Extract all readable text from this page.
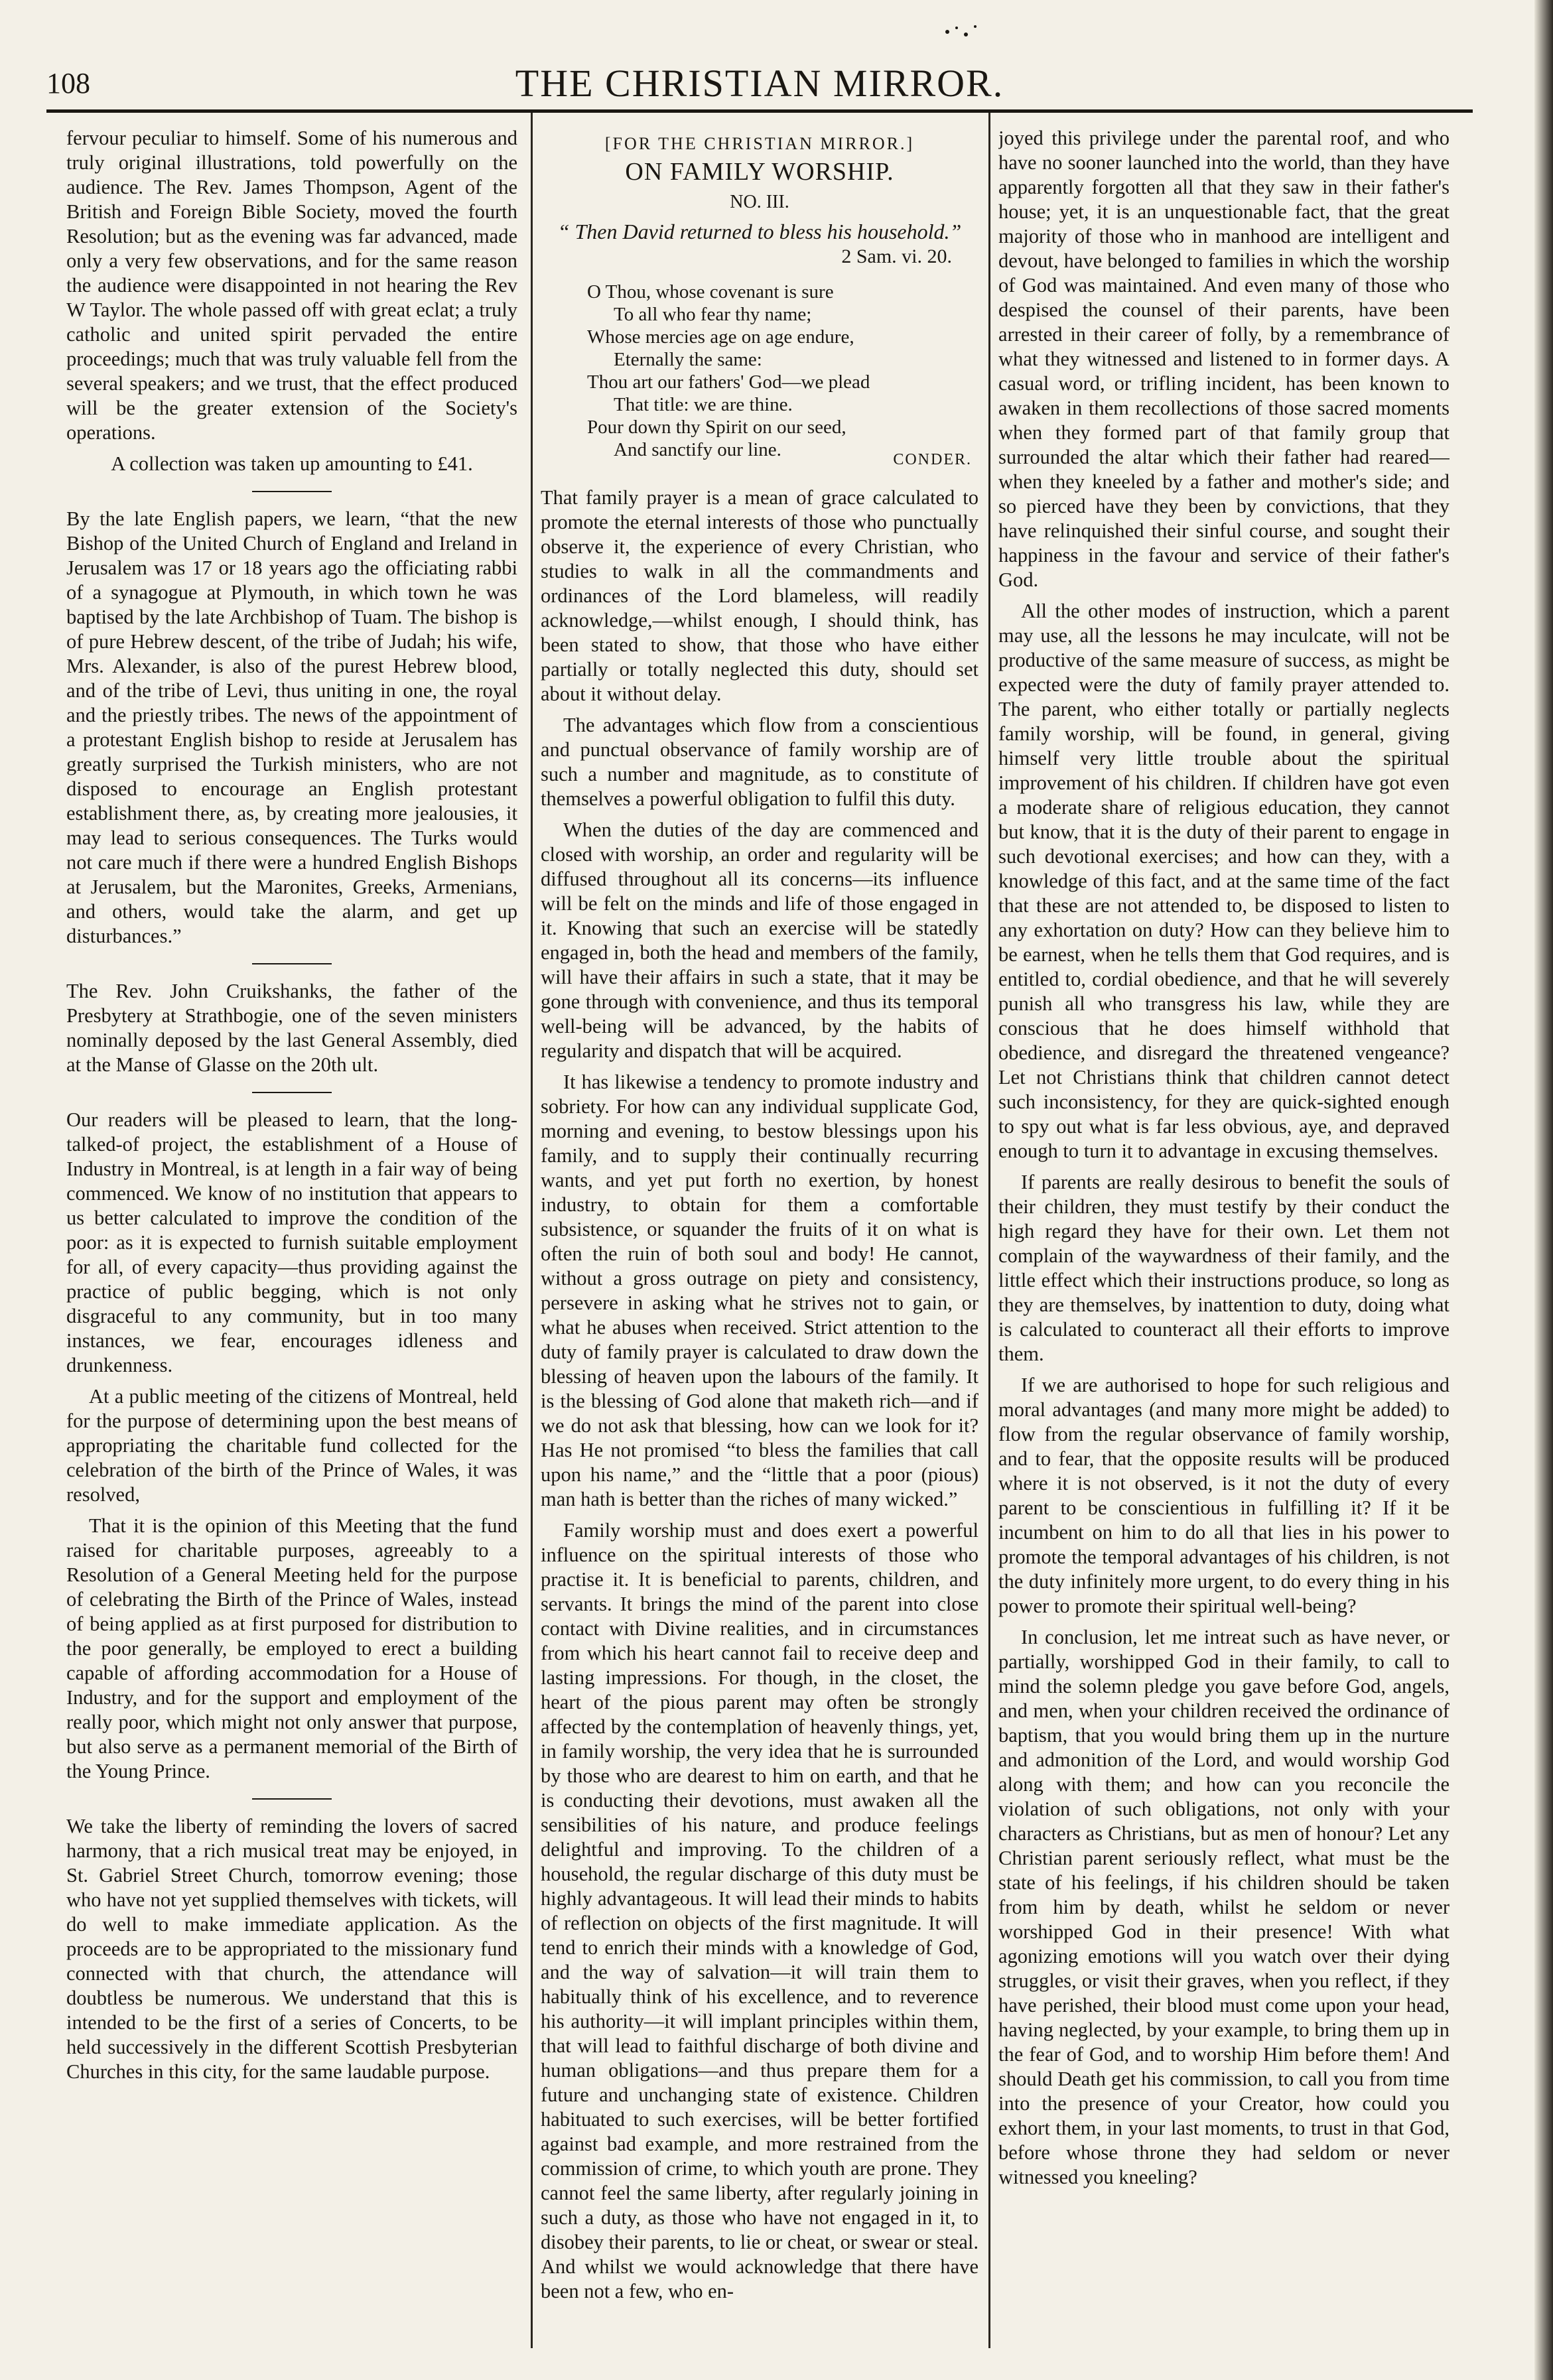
108	THE CHRISTIAN MIRROR.

fervour peculiar to himself. Some of his numerous and truly original illustrations, told powerfully on the audience. The Rev. James Thompson, Agent of the British and Foreign Bible Society, moved the fourth Resolution; but as the evening was far advanced, made only a very few observations, and for the same reason the audience were disappointed in not hearing the Rev W Taylor. The whole passed off with great eclat; a truly catholic and united spirit pervaded the entire proceedings; much that was truly valuable fell from the several speakers; and we trust, that the effect produced will be the greater extension of the Society's operations.

A collection was taken up amounting to £41.

By the late English papers, we learn, “that the new Bishop of the United Church of England and Ireland in Jerusalem was 17 or 18 years ago the officiating rabbi of a synagogue at Plymouth, in which town he was baptised by the late Archbishop of Tuam. The bishop is of pure Hebrew descent, of the tribe of Judah; his wife, Mrs. Alexander, is also of the purest Hebrew blood, and of the tribe of Levi, thus uniting in one, the royal and the priestly tribes. The news of the appointment of a protestant English bishop to reside at Jerusalem has greatly surprised the Turkish ministers, who are not disposed to encourage an English protestant establishment there, as, by creating more jealousies, it may lead to serious consequences. The Turks would not care much if there were a hundred English Bishops at Jerusalem, but the Maronites, Greeks, Armenians, and others, would take the alarm, and get up disturbances.”

The Rev. John Cruikshanks, the father of the Presbytery at Strathbogie, one of the seven ministers nominally deposed by the last General Assembly, died at the Manse of Glasse on the 20th ult.

Our readers will be pleased to learn, that the long-talked-of project, the establishment of a House of Industry in Montreal, is at length in a fair way of being commenced. We know of no institution that appears to us better calculated to improve the condition of the poor: as it is expected to furnish suitable employment for all, of every capacity—thus providing against the practice of public begging, which is not only disgraceful to any community, but in too many instances, we fear, encourages idleness and drunkenness.

At a public meeting of the citizens of Montreal, held for the purpose of determining upon the best means of appropriating the charitable fund collected for the celebration of the birth of the Prince of Wales, it was resolved,

That it is the opinion of this Meeting that the fund raised for charitable purposes, agreeably to a Resolution of a General Meeting held for the purpose of celebrating the Birth of the Prince of Wales, instead of being applied as at first purposed for distribution to the poor generally, be employed to erect a building capable of affording accommodation for a House of Industry, and for the support and employment of the really poor, which might not only answer that purpose, but also serve as a permanent memorial of the Birth of the Young Prince.

We take the liberty of reminding the lovers of sacred harmony, that a rich musical treat may be enjoyed, in St. Gabriel Street Church, tomorrow evening; those who have not yet supplied themselves with tickets, will do well to make immediate application. As the proceeds are to be appropriated to the missionary fund connected with that church, the attendance will doubtless be numerous. We understand that this is intended to be the first of a series of Concerts, to be held successively in the different Scottish Presbyterian Churches in this city, for the same laudable purpose.

[FOR THE CHRISTIAN MIRROR.]
ON FAMILY WORSHIP.
NO. III.
“ Then David returned to bless his household.”
2 Sam. vi. 20.
O Thou, whose covenant is sure
To all who fear thy name;
Whose mercies age on age endure,
Eternally the same:
Thou art our fathers' God—we plead
That title: we are thine.
Pour down thy Spirit on our seed,
And sanctify our line.	CONDER.

That family prayer is a mean of grace calculated to promote the eternal interests of those who punctually observe it, the experience of every Christian, who studies to walk in all the commandments and ordinances of the Lord blameless, will readily acknowledge,—whilst enough, I should think, has been stated to show, that those who have either partially or totally neglected this duty, should set about it without delay.

The advantages which flow from a conscientious and punctual observance of family worship are of such a number and magnitude, as to constitute of themselves a powerful obligation to fulfil this duty.

When the duties of the day are commenced and closed with worship, an order and regularity will be diffused throughout all its concerns—its influence will be felt on the minds and life of those engaged in it. Knowing that such an exercise will be statedly engaged in, both the head and members of the family, will have their affairs in such a state, that it may be gone through with convenience, and thus its temporal well-being will be advanced, by the habits of regularity and dispatch that will be acquired.

It has likewise a tendency to promote industry and sobriety. For how can any individual supplicate God, morning and evening, to bestow blessings upon his family, and to supply their continually recurring wants, and yet put forth no exertion, by honest industry, to obtain for them a comfortable subsistence, or squander the fruits of it on what is often the ruin of both soul and body! He cannot, without a gross outrage on piety and consistency, persevere in asking what he strives not to gain, or what he abuses when received. Strict attention to the duty of family prayer is calculated to draw down the blessing of heaven upon the labours of the family. It is the blessing of God alone that maketh rich—and if we do not ask that blessing, how can we look for it? Has He not promised “to bless the families that call upon his name,” and the “little that a poor (pious) man hath is better than the riches of many wicked.”

Family worship must and does exert a powerful influence on the spiritual interests of those who practise it. It is beneficial to parents, children, and servants. It brings the mind of the parent into close contact with Divine realities, and in circumstances from which his heart cannot fail to receive deep and lasting impressions. For though, in the closet, the heart of the pious parent may often be strongly affected by the contemplation of heavenly things, yet, in family worship, the very idea that he is surrounded by those who are dearest to him on earth, and that he is conducting their devotions, must awaken all the sensibilities of his nature, and produce feelings delightful and improving. To the children of a household, the regular discharge of this duty must be highly advantageous. It will lead their minds to habits of reflection on objects of the first magnitude. It will tend to enrich their minds with a knowledge of God, and the way of salvation—it will train them to habitually think of his excellence, and to reverence his authority—it will implant principles within them, that will lead to faithful discharge of both divine and human obligations—and thus prepare them for a future and unchanging state of existence. Children habituated to such exercises, will be better fortified against bad example, and more restrained from the commission of crime, to which youth are prone. They cannot feel the same liberty, after regularly joining in such a duty, as those who have not engaged in it, to disobey their parents, to lie or cheat, or swear or steal. And whilst we would acknowledge that there have been not a few, who en-

joyed this privilege under the parental roof, and who have no sooner launched into the world, than they have apparently forgotten all that they saw in their father's house; yet, it is an unquestionable fact, that the great majority of those who in manhood are intelligent and devout, have belonged to families in which the worship of God was maintained. And even many of those who despised the counsel of their parents, have been arrested in their career of folly, by a remembrance of what they witnessed and listened to in former days. A casual word, or trifling incident, has been known to awaken in them recollections of those sacred moments when they formed part of that family group that surrounded the altar which their father had reared—when they kneeled by a father and mother's side; and so pierced have they been by convictions, that they have relinquished their sinful course, and sought their happiness in the favour and service of their father's God.

All the other modes of instruction, which a parent may use, all the lessons he may inculcate, will not be productive of the same measure of success, as might be expected were the duty of family prayer attended to. The parent, who either totally or partially neglects family worship, will be found, in general, giving himself very little trouble about the spiritual improvement of his children. If children have got even a moderate share of religious education, they cannot but know, that it is the duty of their parent to engage in such devotional exercises; and how can they, with a knowledge of this fact, and at the same time of the fact that these are not attended to, be disposed to listen to any exhortation on duty? How can they believe him to be earnest, when he tells them that God requires, and is entitled to, cordial obedience, and that he will severely punish all who transgress his law, while they are conscious that he does himself withhold that obedience, and disregard the threatened vengeance? Let not Christians think that children cannot detect such inconsistency, for they are quick-sighted enough to spy out what is far less obvious, aye, and depraved enough to turn it to advantage in excusing themselves.

If parents are really desirous to benefit the souls of their children, they must testify by their conduct the high regard they have for their own. Let them not complain of the waywardness of their family, and the little effect which their instructions produce, so long as they are themselves, by inattention to duty, doing what is calculated to counteract all their efforts to improve them.

If we are authorised to hope for such religious and moral advantages (and many more might be added) to flow from the regular observance of family worship, and to fear, that the opposite results will be produced where it is not observed, is it not the duty of every parent to be conscientious in fulfilling it? If it be incumbent on him to do all that lies in his power to promote the temporal advantages of his children, is not the duty infinitely more urgent, to do every thing in his power to promote their spiritual well-being?

In conclusion, let me intreat such as have never, or partially, worshipped God in their family, to call to mind the solemn pledge you gave before God, angels, and men, when your children received the ordinance of baptism, that you would bring them up in the nurture and admonition of the Lord, and would worship God along with them; and how can you reconcile the violation of such obligations, not only with your characters as Christians, but as men of honour? Let any Christian parent seriously reflect, what must be the state of his feelings, if his children should be taken from him by death, whilst he seldom or never worshipped God in their presence! With what agonizing emotions will you watch over their dying struggles, or visit their graves, when you reflect, if they have perished, their blood must come upon your head, having neglected, by your example, to bring them up in the fear of God, and to worship Him before them! And should Death get his commission, to call you from time into the presence of your Creator, how could you exhort them, in your last moments, to trust in that God, before whose throne they had seldom or never witnessed you kneeling?
